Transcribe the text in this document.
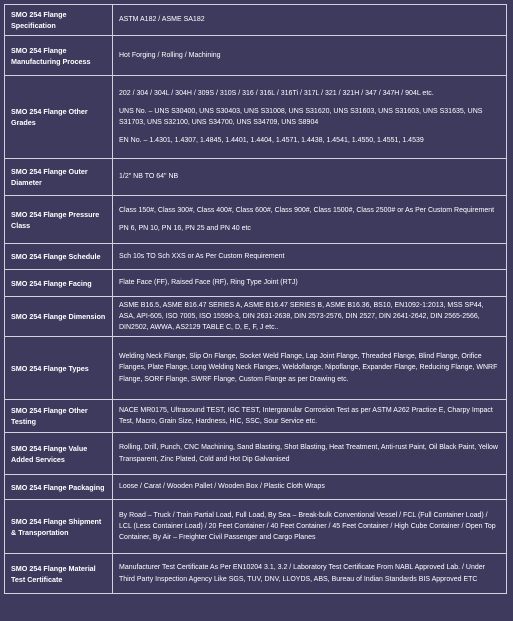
SMO 254 Flange Specification	ASTM A182 / ASME SA182

SMO 254 Flange Manufacturing Process	Hot Forging / Rolling / Machining

SMO 254 Flange Other Grades	202 / 304 / 304L / 304H / 309S / 310S / 316 / 316L / 316Ti / 317L / 321 / 321H / 347 / 347H / 904L etc.

UNS No. – UNS S30400, UNS S30403, UNS S31008, UNS S31620, UNS S31603, UNS S31603, UNS S31635, UNS S31703, UNS S32100, UNS S34700, UNS S34709, UNS S8904

EN No. – 1.4301, 1.4307, 1.4845, 1.4401, 1.4404, 1.4571, 1.4438, 1.4541, 1.4550, 1.4551, 1.4539

SMO 254 Flange Outer Diameter	1/2" NB TO 64" NB

SMO 254 Flange Pressure Class	Class 150#, Class 300#, Class 400#, Class 600#, Class 900#, Class 1500#, Class 2500# or As Per Custom Requirement

PN 6, PN 10, PN 16, PN 25 and PN 40 etc

SMO 254 Flange Schedule	Sch 10s TO Sch XXS or As Per Custom Requirement

SMO 254 Flange Facing	Flate Face (FF), Raised Face (RF), Ring Type Joint (RTJ)

SMO 254 Flange Dimension	ASME B16.5, ASME B16.47 SERIES A, ASME B16.47 SERIES B, ASME B16.36, BS10, EN1092-1:2013, MSS SP44, ASA, API-605, ISO 7005, ISO 15590-3, DIN 2631-2638, DIN 2573-2576, DIN 2527, DIN 2641-2642, DIN 2565-2566, DIN2502, AWWA, AS2129 TABLE C, D, E, F, J etc..

SMO 254 Flange Types	Welding Neck Flange, Slip On Flange, Socket Weld Flange, Lap Joint Flange, Threaded Flange, Blind Flange, Orifice Flanges, Plate Flange, Long Welding Neck Flanges, Weldoflange, Nipoflange, Expander Flange, Reducing Flange, WNRF Flange, SORF Flange, SWRF Flange, Custom Flange as per Drawing etc.

SMO 254 Flange Other Testing	NACE MR0175, Ultrasound TEST, IGC TEST, Intergranular Corrosion Test as per ASTM A262 Practice E, Charpy Impact Test, Macro, Grain Size, Hardness, HIC, SSC, Sour Service etc.

SMO 254 Flange Value Added Services	Rolling, Drill, Punch, CNC Machining, Sand Blasting, Shot Blasting, Heat Treatment, Anti-rust Paint, Oil Black Paint, Yellow Transparent, Zinc Plated, Cold and Hot Dip Galvanised

SMO 254 Flange Packaging	Loose / Carat / Wooden Pallet / Wooden Box / Plastic Cloth Wraps

SMO 254 Flange Shipment & Transportation	By Road – Truck / Train Partial Load, Full Load, By Sea – Break-bulk Conventional Vessel / FCL (Full Container Load) / LCL (Less Container Load) / 20 Feet Container / 40 Feet Container / 45 Feet Container / High Cube Container / Open Top Container, By Air – Freighter Civil Passenger and Cargo Planes

SMO 254 Flange Material Test Certificate	Manufacturer Test Certificate As Per EN10204 3.1, 3.2 / Laboratory Test Certificate From NABL Approved Lab. / Under Third Party Inspection Agency Like SGS, TUV, DNV, LLOYDS, ABS, Bureau of Indian Standards BIS Approved ETC
